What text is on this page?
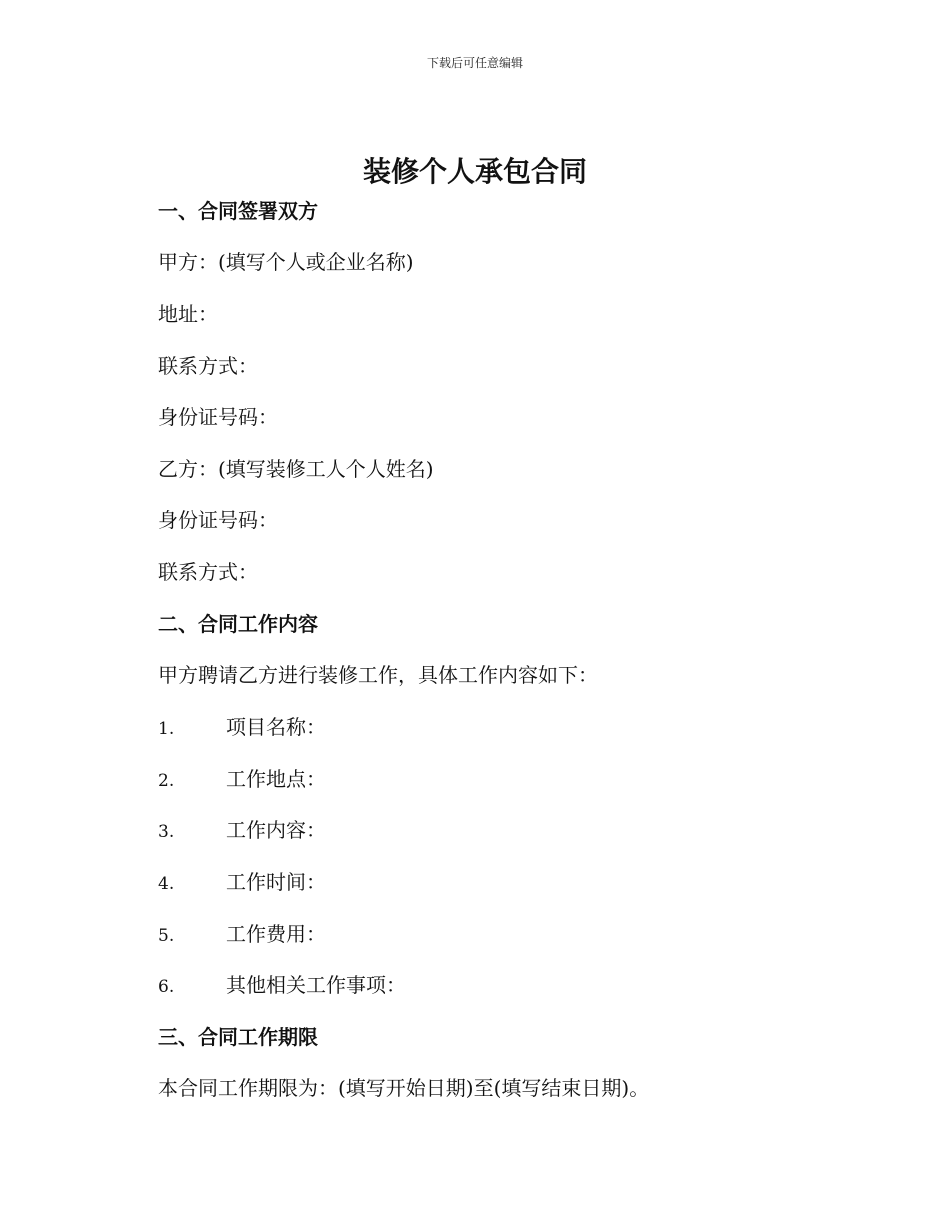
下载后可任意编辑
装修个人承包合同
一、合同签署双方
甲方：(填写个人或企业名称)
地址：
联系方式：
身份证号码：
乙方：(填写装修工人个人姓名)
身份证号码：
联系方式：
二、合同工作内容
甲方聘请乙方进行装修工作，具体工作内容如下：
1.	项目名称：
2.	工作地点：
3.	工作内容：
4.	工作时间：
5.	工作费用：
6.	其他相关工作事项：
三、合同工作期限
本合同工作期限为：(填写开始日期)至(填写结束日期)。
